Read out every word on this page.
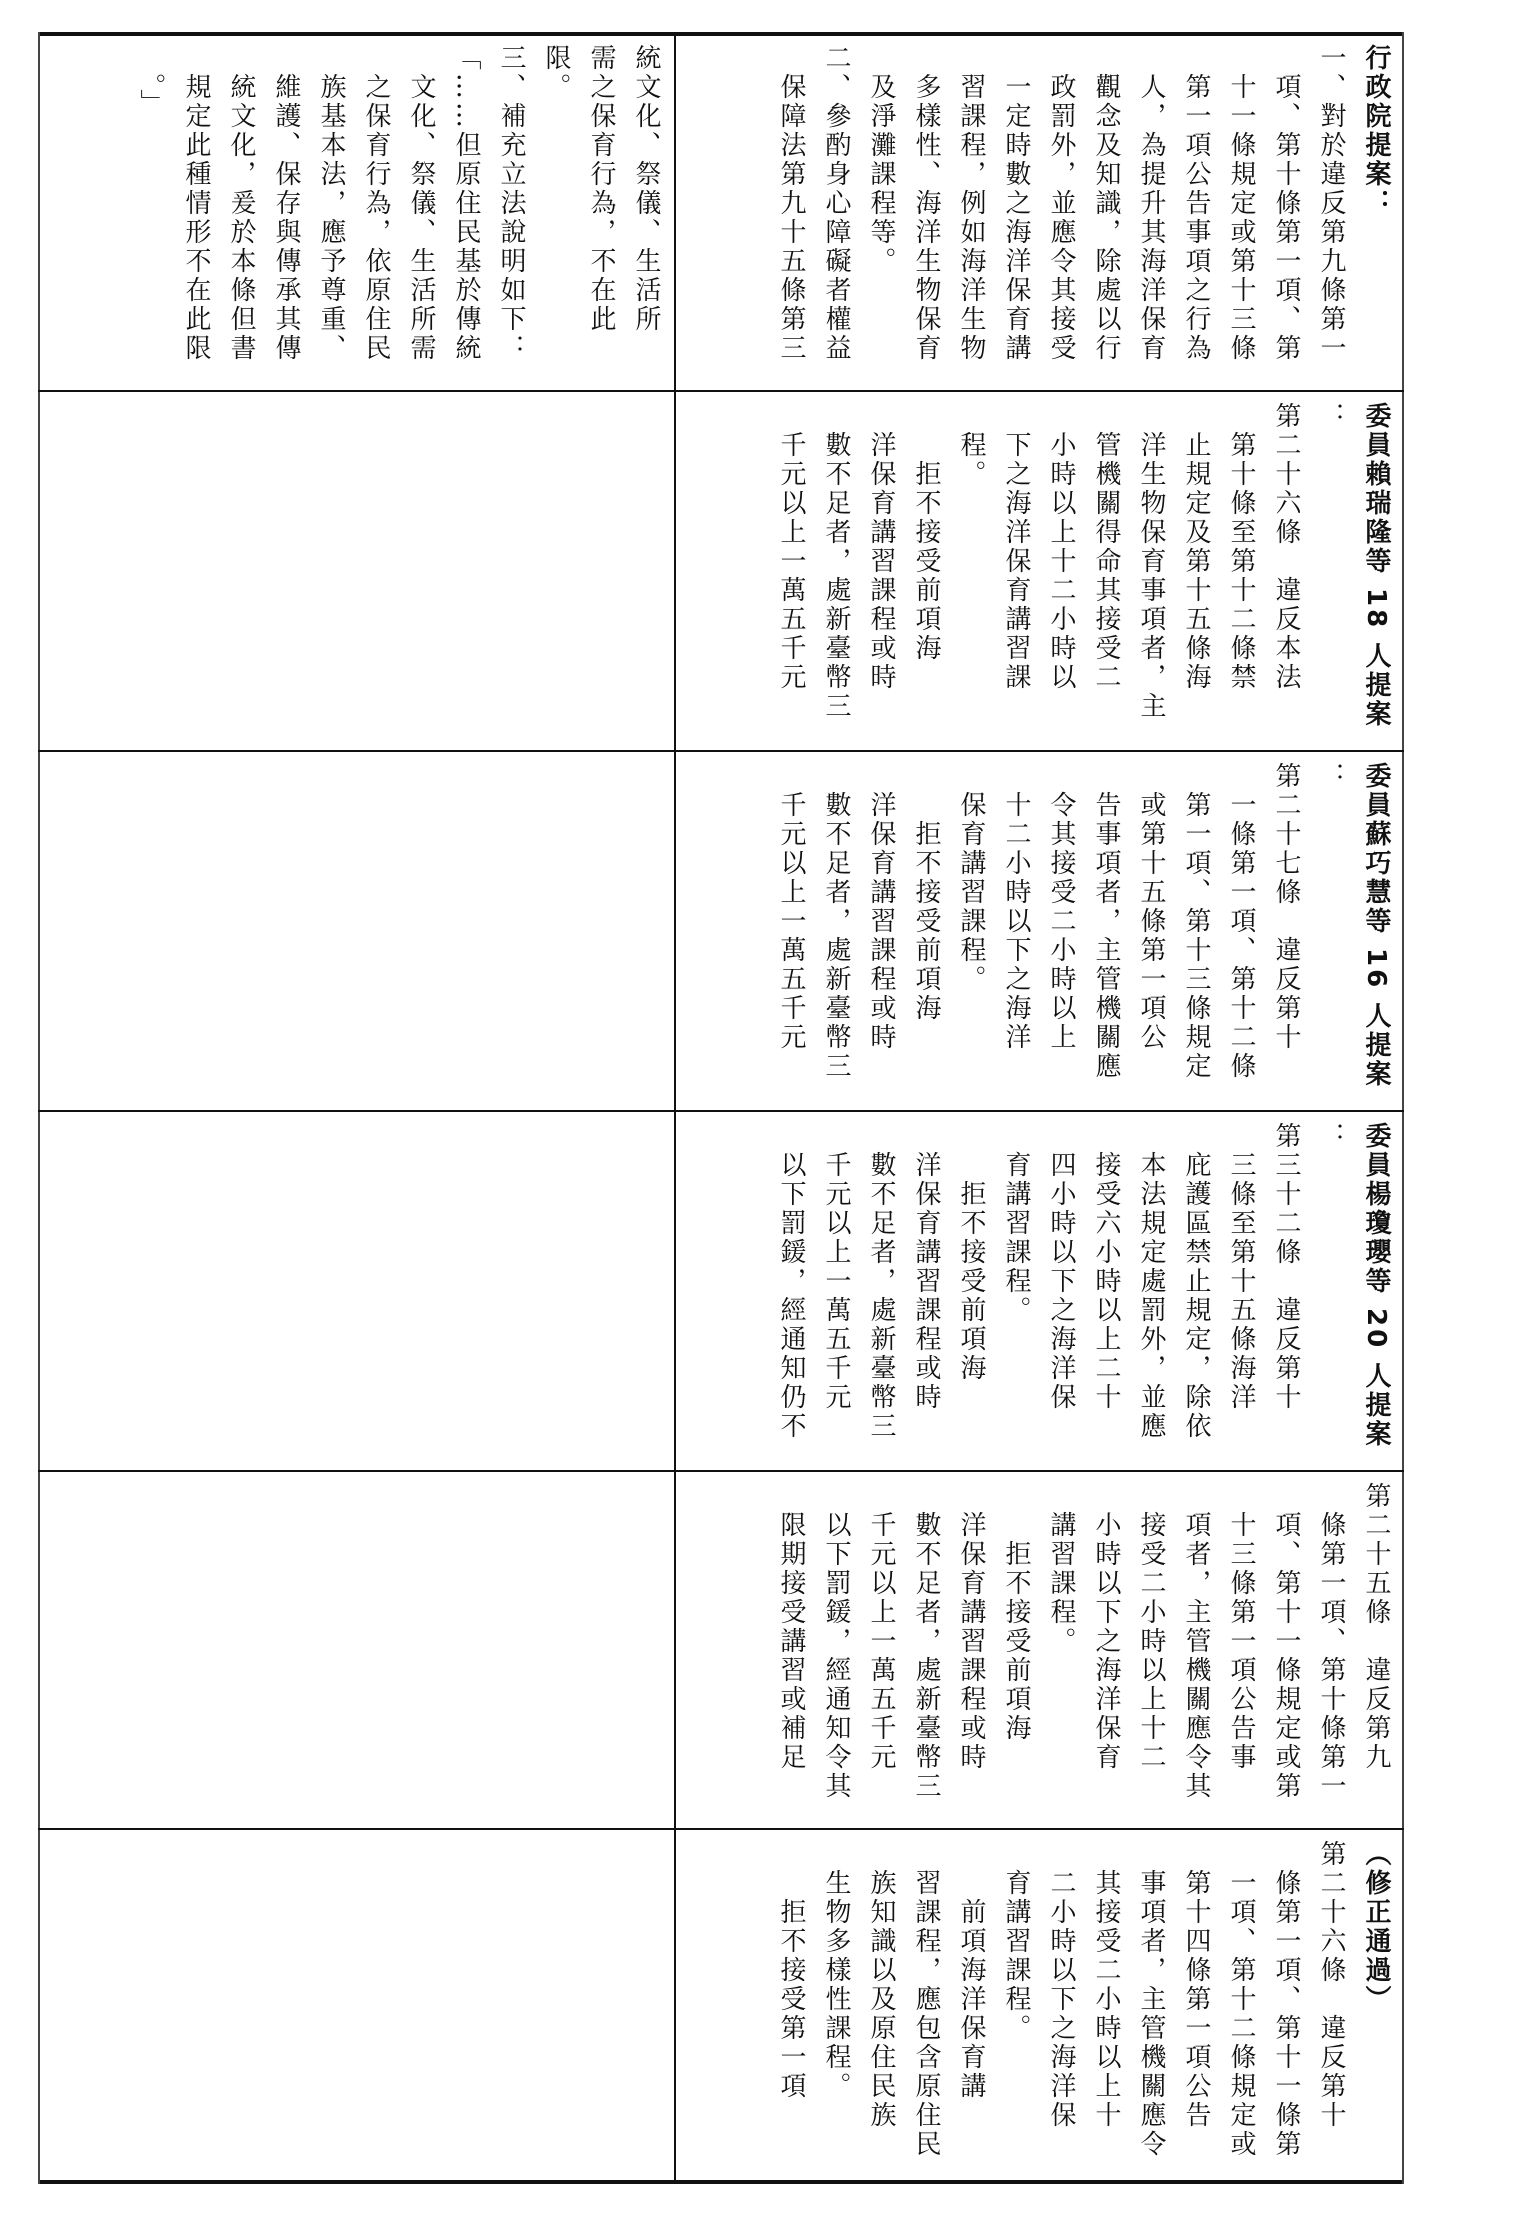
統文化、祭儀、生活所
需之保育行為，不在此
限。
三、補充立法說明如下：
「……但原住民基於傳統
　文化、祭儀、生活所需
　之保育行為，依原住民
　族基本法，應予尊重、
　維護、保存與傳承其傳
　統文化，爰於本條但書
　規定此種情形不在此限
　。」	行政院提案：
一、對於違反第九條第一
　項、第十條第一項、第
　十一條規定或第十三條
　第一項公告事項之行為
　人，為提升其海洋保育
　觀念及知識，除處以行
　政罰外，並應令其接受
　一定時數之海洋保育講
　習課程，例如海洋生物
　多樣性、海洋生物保育
　及淨灘課程等。
二、參酌身心障礙者權益
　保障法第九十五條第三
委員賴瑞隆等 18 人提案
：
第二十六條　違反本法
　第十條至第十二條禁
　止規定及第十五條海
　洋生物保育事項者，主
　管機關得命其接受二
　小時以上十二小時以
　下之海洋保育講習課
　程。
　　拒不接受前項海
　洋保育講習課程或時
　數不足者，處新臺幣三
　千元以上一萬五千元
委員蘇巧慧等 16 人提案
：
第二十七條　違反第十
　一條第一項、第十二條
　第一項、第十三條規定
　或第十五條第一項公
　告事項者，主管機關應
　令其接受二小時以上
　十二小時以下之海洋
　保育講習課程。
　　拒不接受前項海
　洋保育講習課程或時
　數不足者，處新臺幣三
　千元以上一萬五千元
委員楊瓊瓔等 20 人提案
：
第三十二條　違反第十
　三條至第十五條海洋
　庇護區禁止規定，除依
　本法規定處罰外，並應
　接受六小時以上二十
　四小時以下之海洋保
　育講習課程。
　　拒不接受前項海
　洋保育講習課程或時
　數不足者，處新臺幣三
　千元以上一萬五千元
　以下罰鍰，經通知仍不
第二十五條　違反第九
　條第一項、第十條第一
　項、第十一條規定或第
　十三條第一項公告事
　項者，主管機關應令其
　接受二小時以上十二
　小時以下之海洋保育
　講習課程。
　　拒不接受前項海
　洋保育講習課程或時
　數不足者，處新臺幣三
　千元以上一萬五千元
　以下罰鍰，經通知令其
　限期接受講習或補足
（修正通過）
第二十六條　違反第十
　條第一項、第十一條第
　一項、第十二條規定或
　第十四條第一項公告
　事項者，主管機關應令
　其接受二小時以上十
　二小時以下之海洋保
　育講習課程。
　　前項海洋保育講
　習課程，應包含原住民
　族知識以及原住民族
　生物多樣性課程。
　　拒不接受第一項
